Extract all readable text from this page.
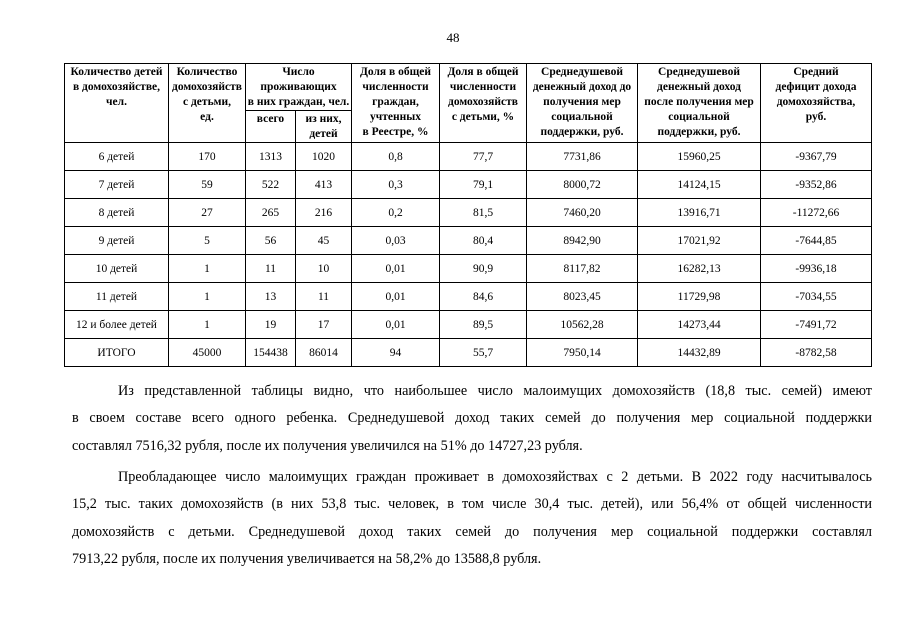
48
Количество детей
в домохозяйстве,
чел.	Количество
домохозяйств
с детьми,
ед.	Число
проживающих
в них граждан, чел.		Доля в общей
численности
граждан,
учтенных
в Реестре, %	Доля в общей
численности
домохозяйств
с детьми, %	Среднедушевой
денежный доход до
получения мер
социальной
поддержки, руб.	Среднедушевой
денежный доход
после получения мер
социальной
поддержки, руб.	Средний
дефицит дохода
домохозяйства,
руб.

		всего	из них,
детей					

6 детей	170	1313	1020	0,8	77,7	7731,86	15960,25	-9367,79
7 детей	59	522	413	0,3	79,1	8000,72	14124,15	-9352,86
8 детей	27	265	216	0,2	81,5	7460,20	13916,71	-11272,66
9 детей	5	56	45	0,03	80,4	8942,90	17021,92	-7644,85
10 детей	1	11	10	0,01	90,9	8117,82	16282,13	-9936,18
11 детей	1	13	11	0,01	84,6	8023,45	11729,98	-7034,55
12 и более детей	1	19	17	0,01	89,5	10562,28	14273,44	-7491,72
ИТОГО	45000	154438	86014	94	55,7	7950,14	14432,89	-8782,58
Из представленной таблицы видно, что наибольшее число малоимущих домохозяйств (18,8 тыс. семей) имеют
в своем составе всего одного ребенка. Среднедушевой доход таких семей до получения мер социальной поддержки
составлял 7516,32 рубля, после их получения увеличился на 51% до 14727,23 рубля.
Преобладающее число малоимущих граждан проживает в домохозяйствах с 2 детьми. В 2022 году насчитывалось
15,2 тыс. таких домохозяйств (в них 53,8 тыс. человек, в том числе 30,4 тыс. детей), или 56,4% от общей численности
домохозяйств с детьми. Среднедушевой доход таких семей до получения мер социальной поддержки составлял
7913,22 рубля, после их получения увеличивается на 58,2% до 13588,8 рубля.
